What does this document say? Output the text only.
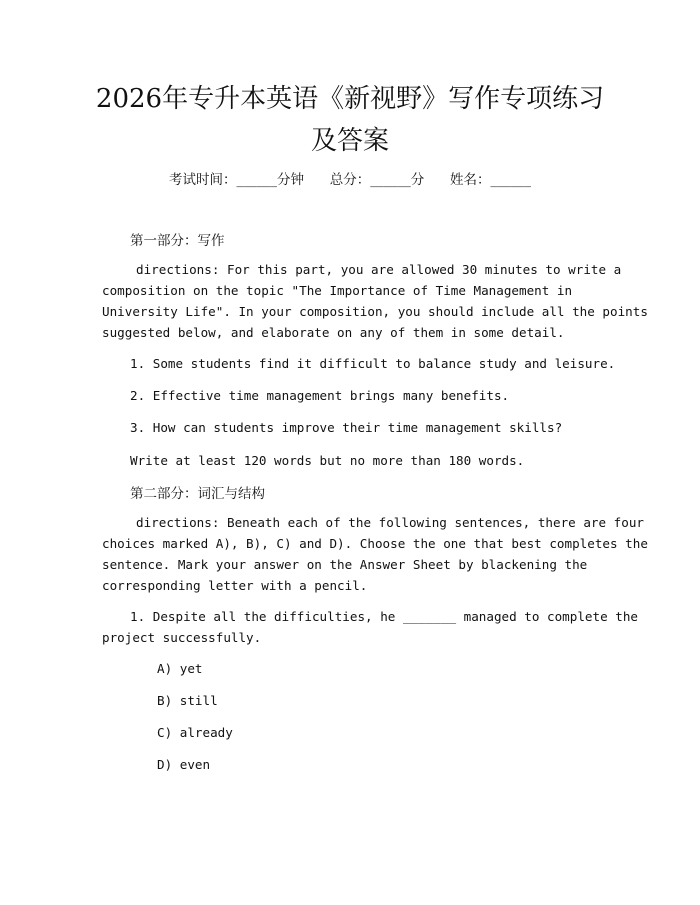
2026年专升本英语《新视野》写作专项练习
及答案
考试时间：______分钟 总分：______分 姓名：______
第一部分：写作
directions: For this part, you are allowed 30 minutes to write a
composition on the topic "The Importance of Time Management in
University Life". In your composition, you should include all the points
suggested below, and elaborate on any of them in some detail.
1. Some students find it difficult to balance study and leisure.
2. Effective time management brings many benefits.
3. How can students improve their time management skills?
Write at least 120 words but no more than 180 words.
第二部分：词汇与结构
directions: Beneath each of the following sentences, there are four
choices marked A), B), C) and D). Choose the one that best completes the
sentence. Mark your answer on the Answer Sheet by blackening the
corresponding letter with a pencil.
1. Despite all the difficulties, he _______ managed to complete the
project successfully.
A) yet
B) still
C) already
D) even
